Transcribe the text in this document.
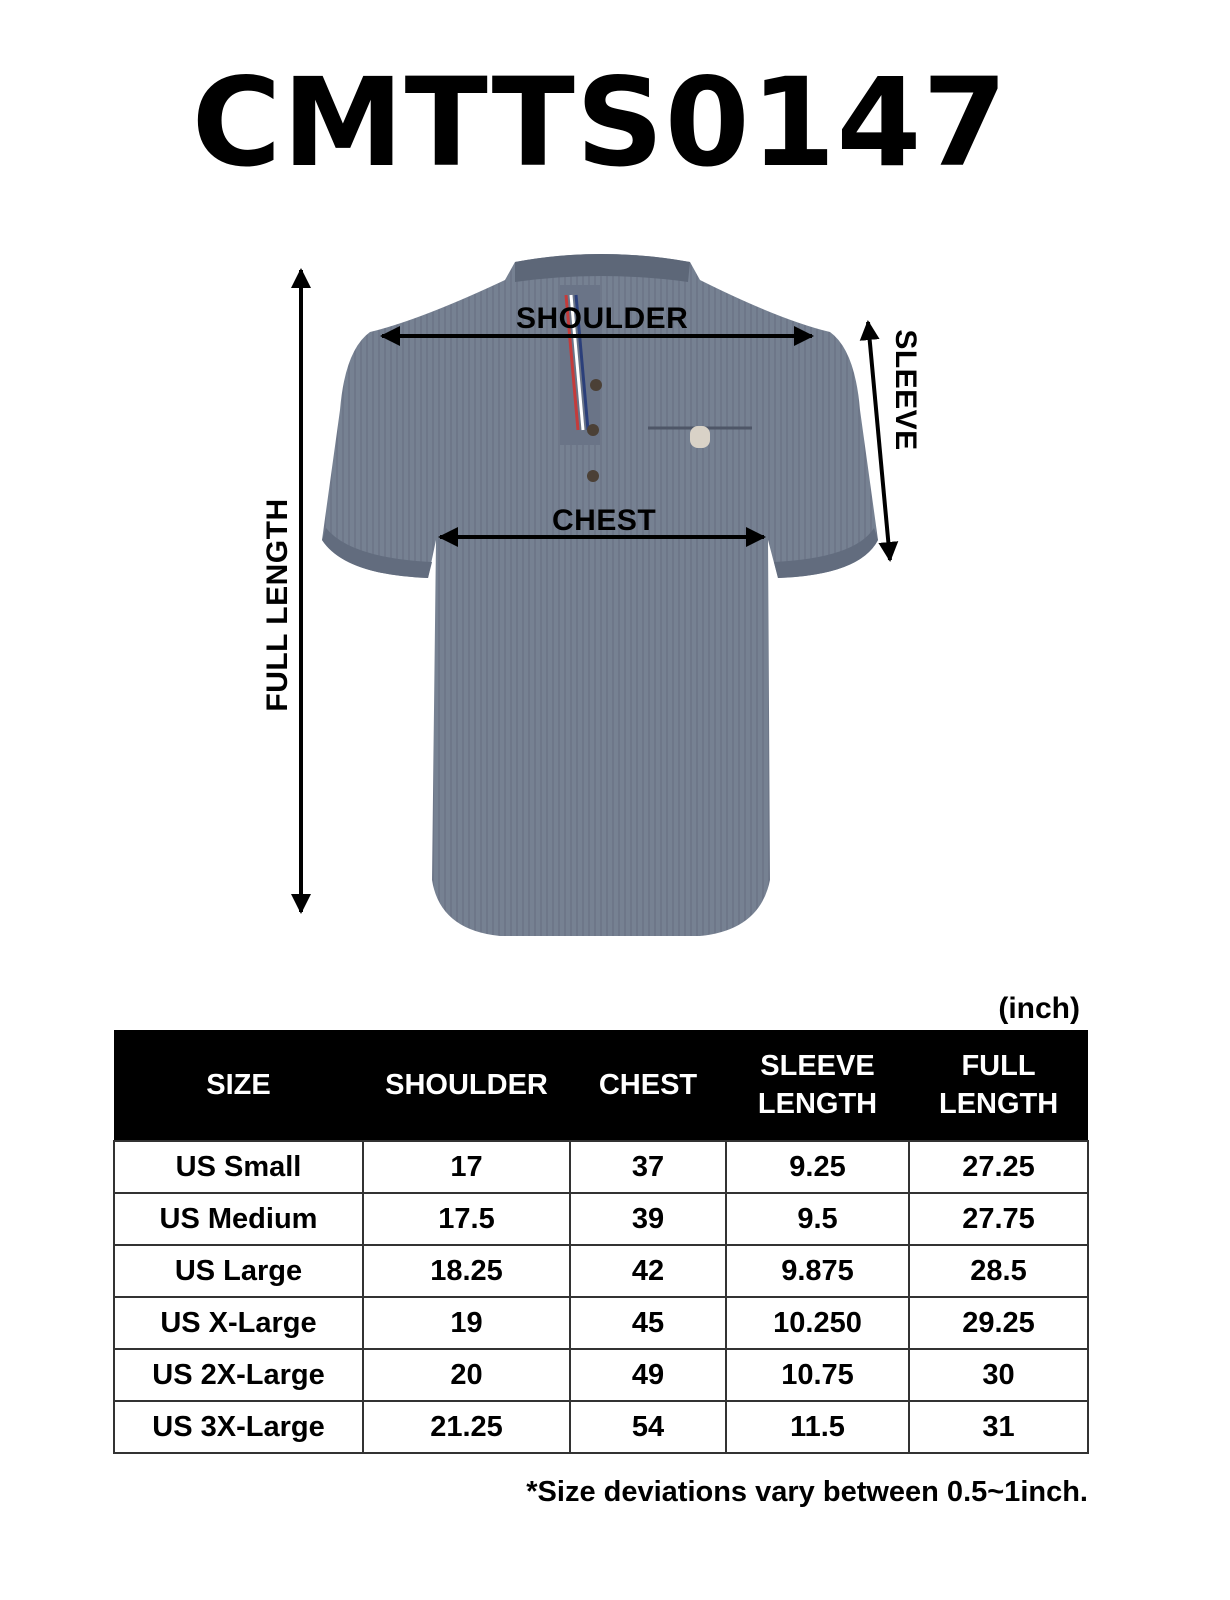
CMTTS0147
SHOULDER
CHEST
SLEEVE
FULL LENGTH
(inch)
SIZE	SHOULDER	CHEST	SLEEVE LENGTH	FULL LENGTH
US Small	17	37	9.25	27.25
US Medium	17.5	39	9.5	27.75
US Large	18.25	42	9.875	28.5
US X-Large	19	45	10.250	29.25
US 2X-Large	20	49	10.75	30
US 3X-Large	21.25	54	11.5	31
*Size deviations vary between 0.5~1inch.
